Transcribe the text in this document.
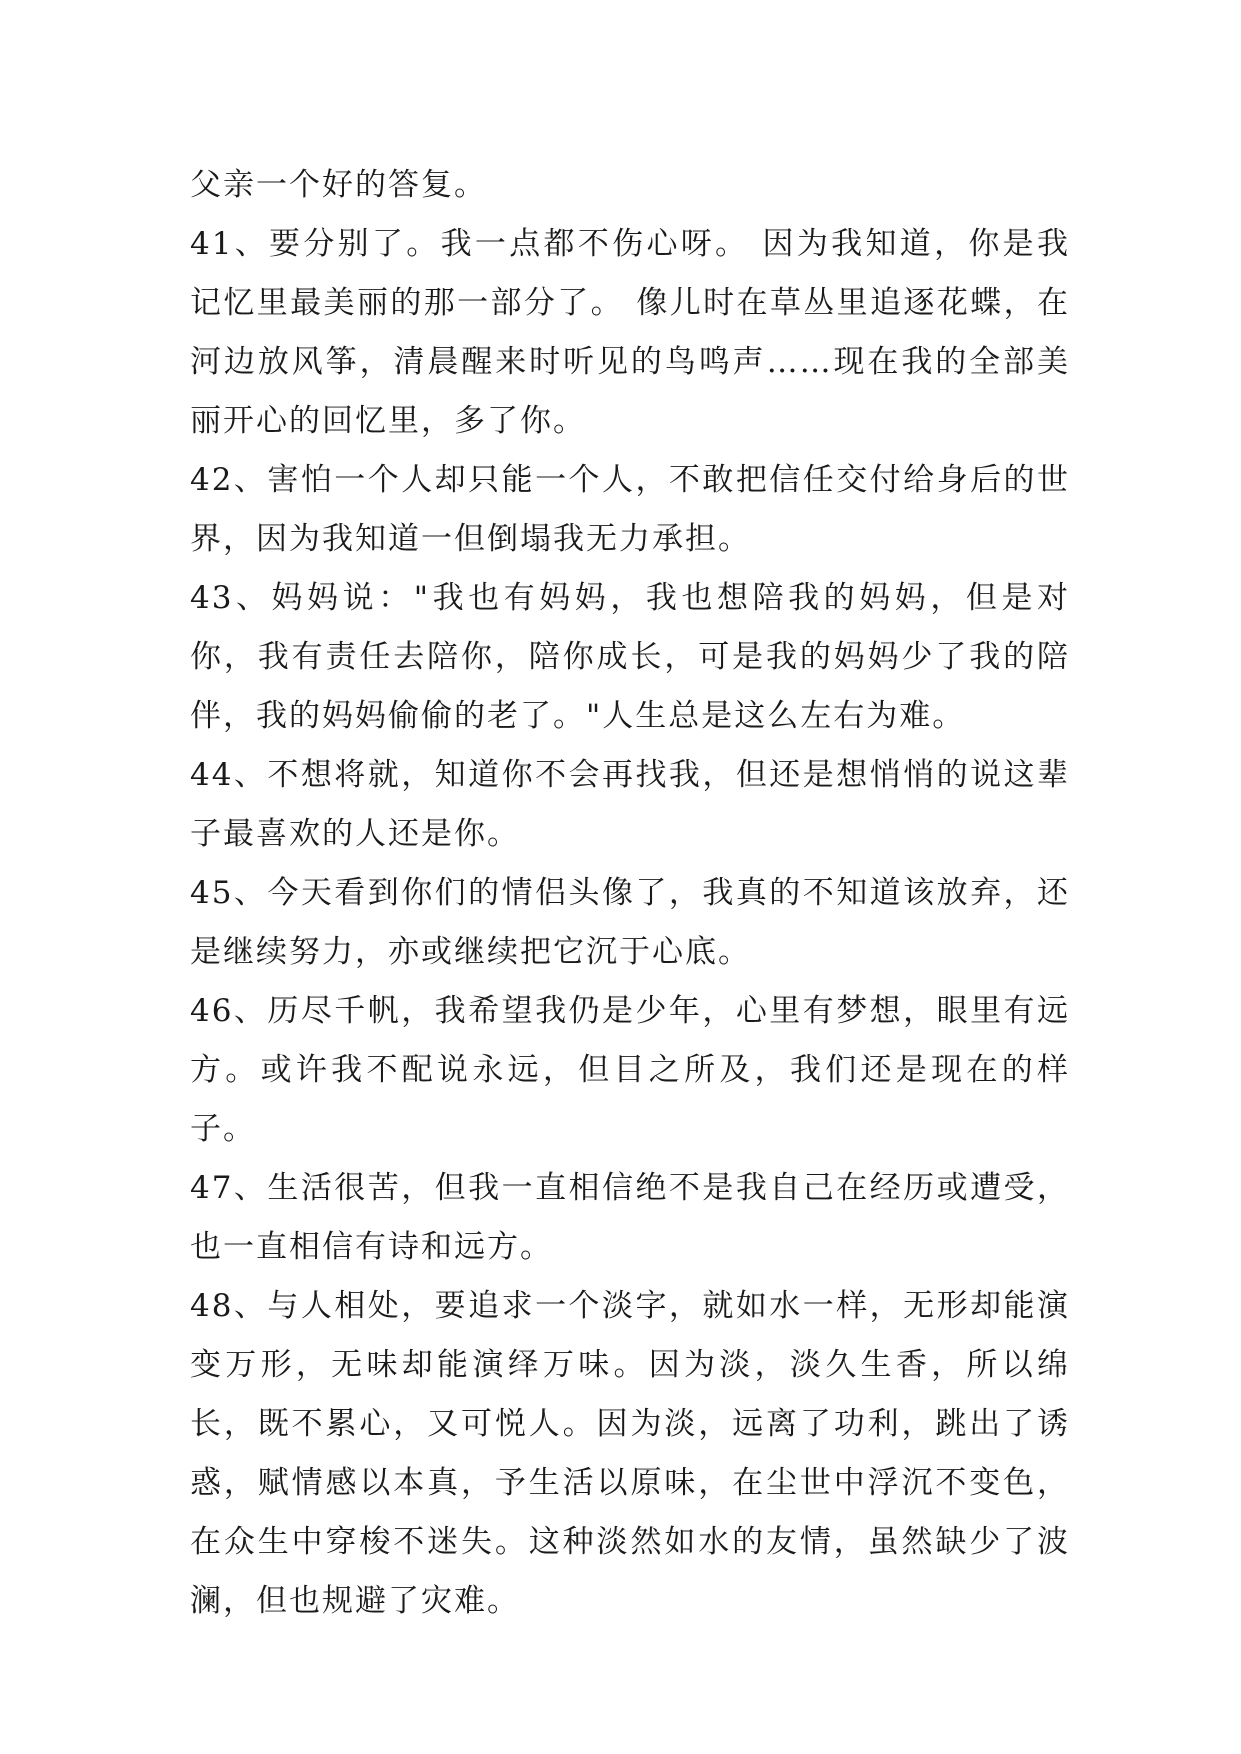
父亲一个好的答复。

41、要分别了。我一点都不伤心呀。 因为我知道，你是我记忆里最美丽的那一部分了。 像儿时在草丛里追逐花蝶，在河边放风筝，清晨醒来时听见的鸟鸣声……现在我的全部美丽开心的回忆里，多了你。

42、害怕一个人却只能一个人，不敢把信任交付给身后的世界，因为我知道一但倒塌我无力承担。

43、妈妈说："我也有妈妈，我也想陪我的妈妈，但是对你，我有责任去陪你，陪你成长，可是我的妈妈少了我的陪伴，我的妈妈偷偷的老了。"人生总是这么左右为难。

44、不想将就，知道你不会再找我，但还是想悄悄的说这辈子最喜欢的人还是你。

45、今天看到你们的情侣头像了，我真的不知道该放弃，还是继续努力，亦或继续把它沉于心底。

46、历尽千帆，我希望我仍是少年，心里有梦想，眼里有远方。或许我不配说永远，但目之所及，我们还是现在的样子。

47、生活很苦，但我一直相信绝不是我自己在经历或遭受，也一直相信有诗和远方。

48、与人相处，要追求一个淡字，就如水一样，无形却能演变万形，无味却能演绎万味。因为淡，淡久生香，所以绵长，既不累心，又可悦人。因为淡，远离了功利，跳出了诱惑，赋情感以本真，予生活以原味，在尘世中浮沉不变色，在众生中穿梭不迷失。这种淡然如水的友情，虽然缺少了波澜，但也规避了灾难。
